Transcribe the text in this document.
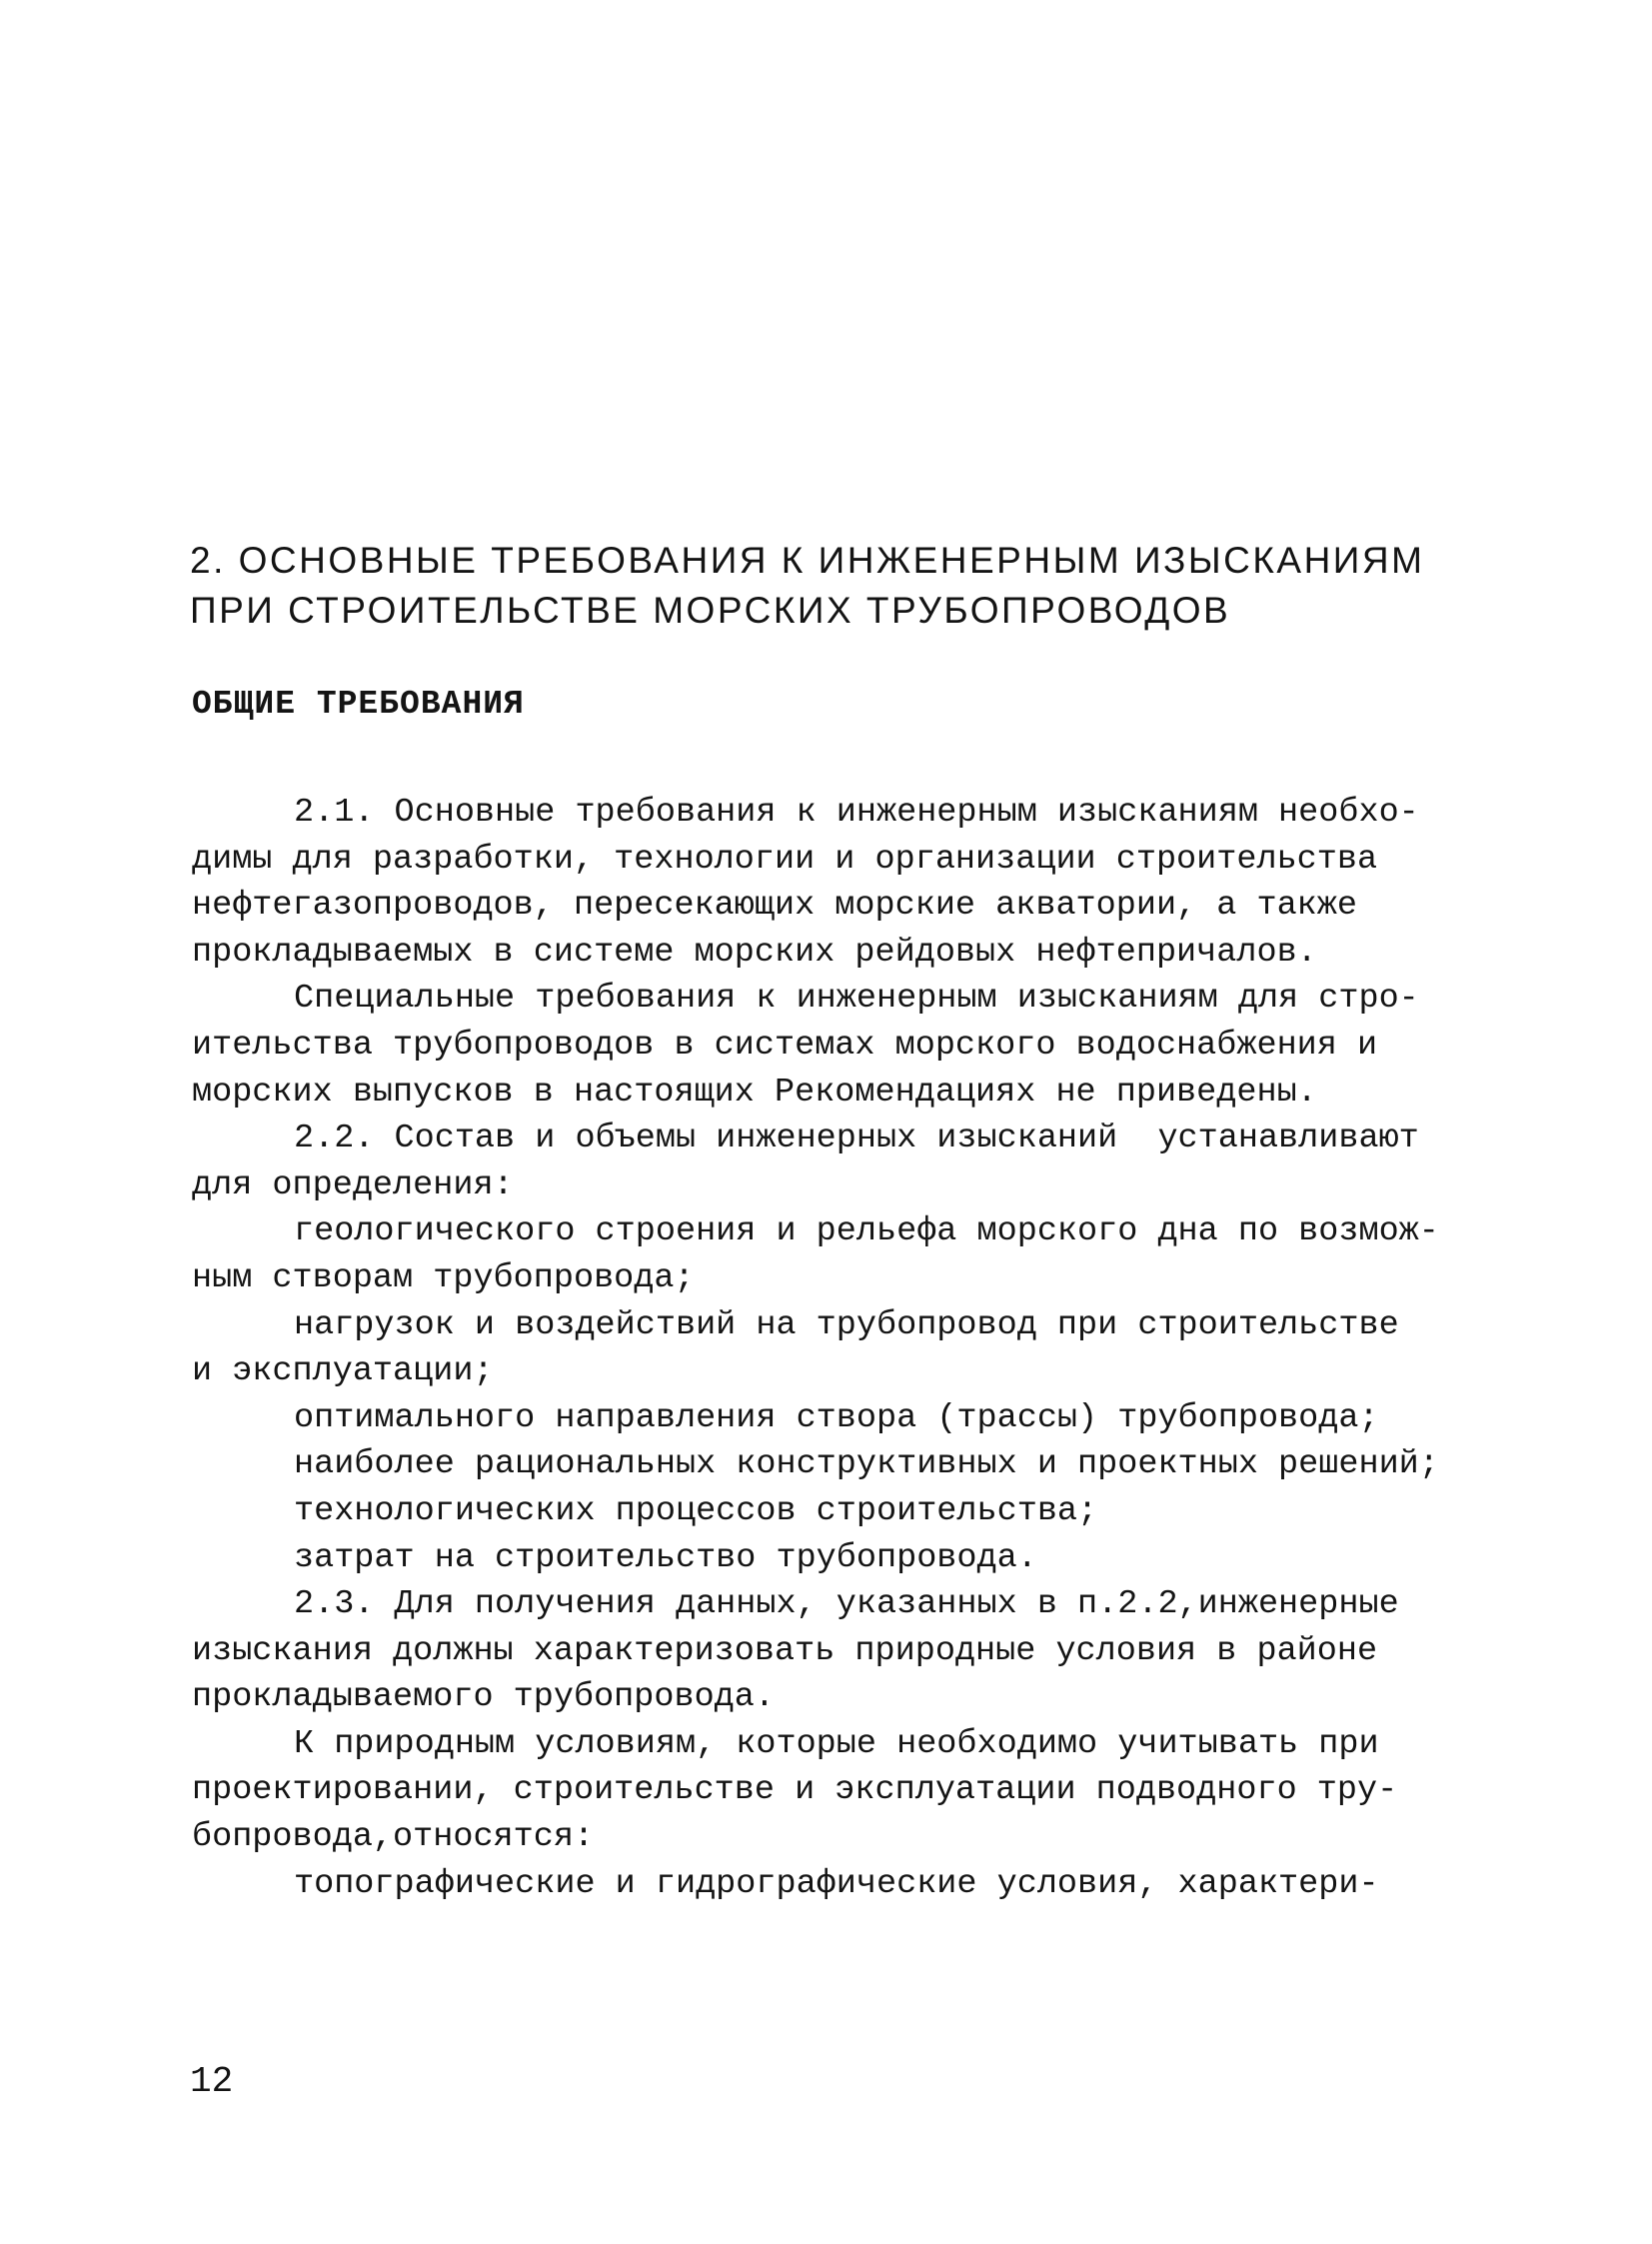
2. ОСНОВНЫЕ ТРЕБОВАНИЯ К ИНЖЕНЕРНЫМ ИЗЫСКАНИЯМ
ПРИ СТРОИТЕЛЬСТВЕ МОРСКИХ ТРУБОПРОВОДОВ
ОБЩИЕ ТРЕБОВАНИЯ
2.1. Основные требования к инженерным изысканиям необхо-
димы для разработки, технологии и организации строительства
нефтегазопроводов, пересекающих морские акватории, а также
прокладываемых в системе морских рейдовых нефтепричалов.
Специальные требования к инженерным изысканиям для стро-
ительства трубопроводов в системах морского водоснабжения и
морских выпусков в настоящих Рекомендациях не приведены.
2.2. Состав и объемы инженерных изысканий  устанавливают
для определения:
геологического строения и рельефа морского дна по возмож-
ным створам трубопровода;
нагрузок и воздействий на трубопровод при строительстве
и эксплуатации;
оптимального направления створа (трассы) трубопровода;
наиболее рациональных конструктивных и проектных решений;
технологических процессов строительства;
затрат на строительство трубопровода.
2.3. Для получения данных, указанных в п.2.2,инженерные
изыскания должны характеризовать природные условия в районе
прокладываемого трубопровода.
К природным условиям, которые необходимо учитывать при
проектировании, строительстве и эксплуатации подводного тру-
бопровода,относятся:
топографические и гидрографические условия, характери-
12
